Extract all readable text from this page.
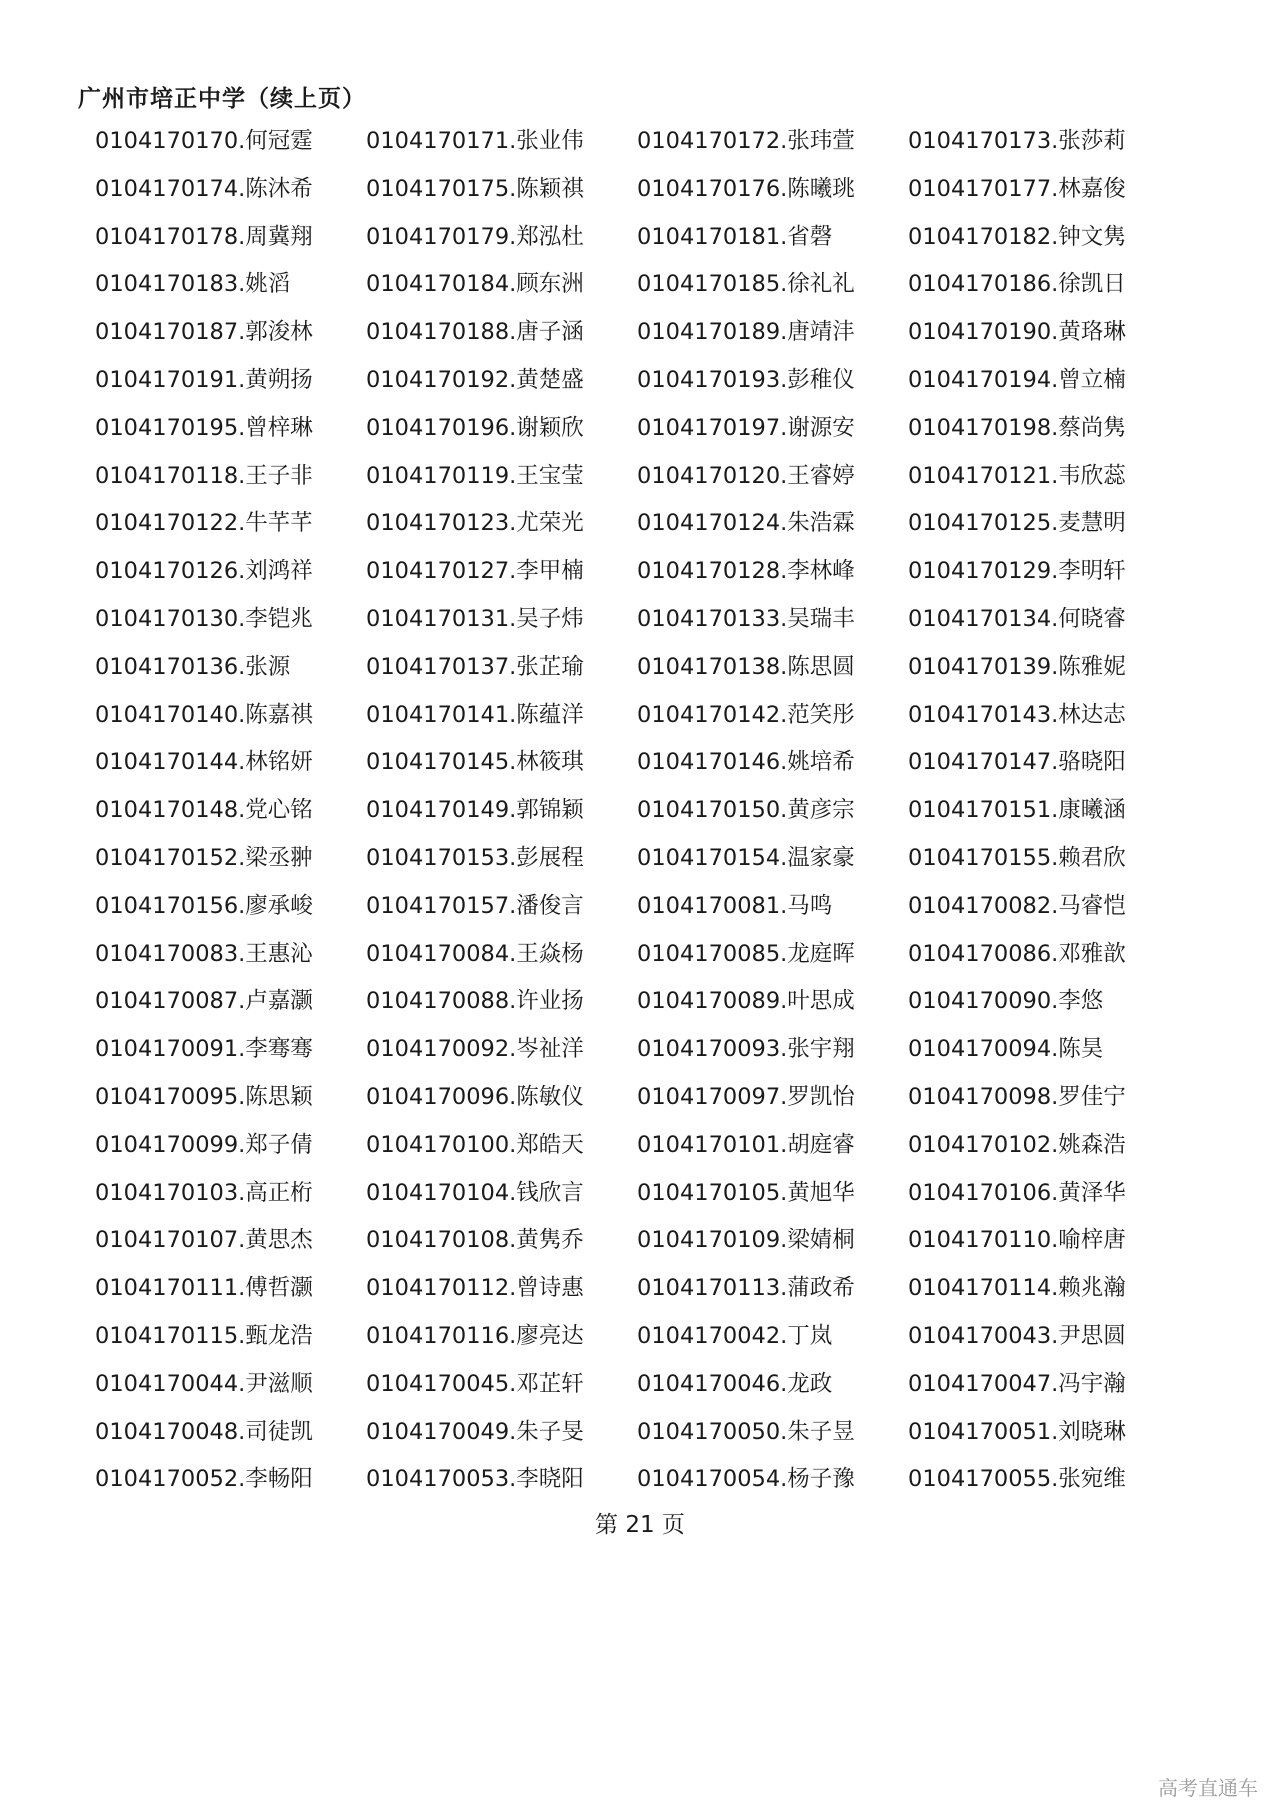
广州市培正中学（续上页）
0104170170.何冠霆	0104170171.张业伟	0104170172.张玮萱	0104170173.张莎莉
0104170174.陈沐希	0104170175.陈颖祺	0104170176.陈曦珧	0104170177.林嘉俊
0104170178.周冀翔	0104170179.郑泓杜	0104170181.省磬	0104170182.钟文隽
0104170183.姚滔	0104170184.顾东洲	0104170185.徐礼礼	0104170186.徐凯日
0104170187.郭浚林	0104170188.唐子涵	0104170189.唐靖沣	0104170190.黄珞琳
0104170191.黄朔扬	0104170192.黄楚盛	0104170193.彭稚仪	0104170194.曾立楠
0104170195.曾梓琳	0104170196.谢颖欣	0104170197.谢源安	0104170198.蔡尚隽
0104170118.王子非	0104170119.王宝莹	0104170120.王睿婷	0104170121.韦欣蕊
0104170122.牛芊芊	0104170123.尤荣光	0104170124.朱浩霖	0104170125.麦慧明
0104170126.刘鸿祥	0104170127.李甲楠	0104170128.李林峰	0104170129.李明轩
0104170130.李铠兆	0104170131.吴子炜	0104170133.吴瑞丰	0104170134.何晓睿
0104170136.张源	0104170137.张芷瑜	0104170138.陈思圆	0104170139.陈雅妮
0104170140.陈嘉祺	0104170141.陈蕴洋	0104170142.范笑彤	0104170143.林达志
0104170144.林铭妍	0104170145.林筱琪	0104170146.姚培希	0104170147.骆晓阳
0104170148.党心铭	0104170149.郭锦颖	0104170150.黄彦宗	0104170151.康曦涵
0104170152.梁丞翀	0104170153.彭展程	0104170154.温家豪	0104170155.赖君欣
0104170156.廖承峻	0104170157.潘俊言	0104170081.马鸣	0104170082.马睿恺
0104170083.王惠沁	0104170084.王焱杨	0104170085.龙庭晖	0104170086.邓雅歆
0104170087.卢嘉灏	0104170088.许业扬	0104170089.叶思成	0104170090.李悠
0104170091.李骞骞	0104170092.岑祉洋	0104170093.张宇翔	0104170094.陈昊
0104170095.陈思颖	0104170096.陈敏仪	0104170097.罗凯怡	0104170098.罗佳宁
0104170099.郑子倩	0104170100.郑皓天	0104170101.胡庭睿	0104170102.姚森浩
0104170103.高正桁	0104170104.钱欣言	0104170105.黄旭华	0104170106.黄泽华
0104170107.黄思杰	0104170108.黄隽乔	0104170109.梁婧桐	0104170110.喻梓唐
0104170111.傅哲灏	0104170112.曾诗惠	0104170113.蒲政希	0104170114.赖兆瀚
0104170115.甄龙浩	0104170116.廖亮达	0104170042.丁岚	0104170043.尹思圆
0104170044.尹滋顺	0104170045.邓芷轩	0104170046.龙政	0104170047.冯宇瀚
0104170048.司徒凯	0104170049.朱子旻	0104170050.朱子昱	0104170051.刘晓琳
0104170052.李畅阳	0104170053.李晓阳	0104170054.杨子豫	0104170055.张宛维
第 21 页
高考直通车
